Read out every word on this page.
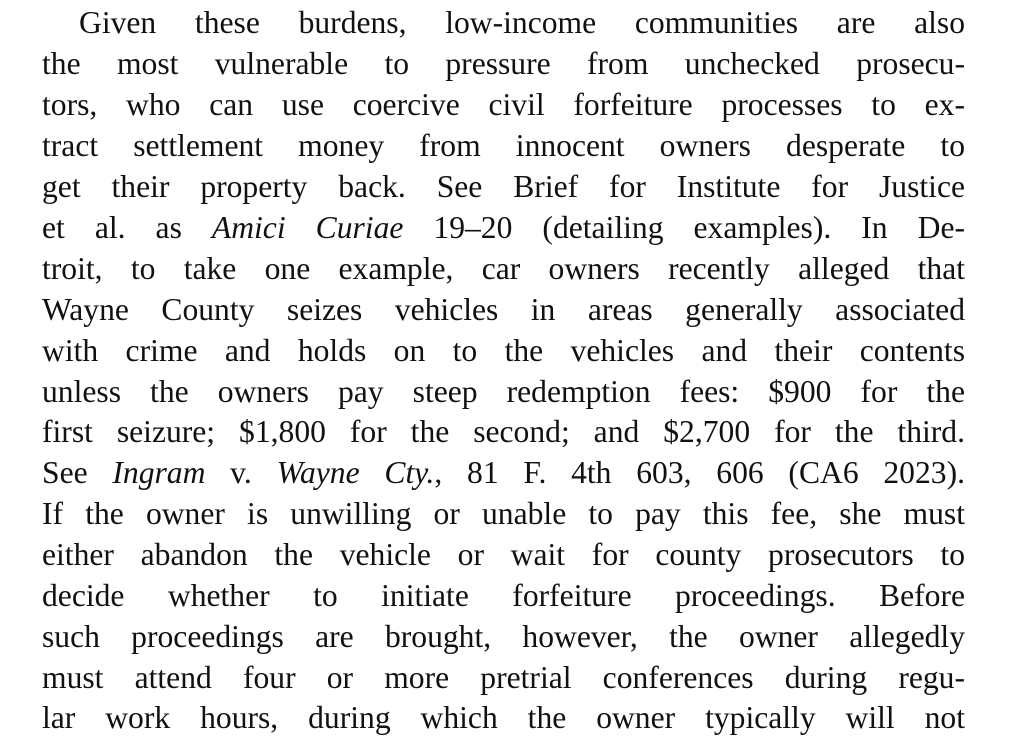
Given these burdens, low-income communities are also
the most vulnerable to pressure from unchecked prosecu-
tors, who can use coercive civil forfeiture processes to ex-
tract settlement money from innocent owners desperate to
get their property back. See Brief for Institute for Justice
et al. as Amici Curiae 19–20 (detailing examples). In De-
troit, to take one example, car owners recently alleged that
Wayne County seizes vehicles in areas generally associated
with crime and holds on to the vehicles and their contents
unless the owners pay steep redemption fees: $900 for the
first seizure; $1,800 for the second; and $2,700 for the third.
See Ingram v. Wayne Cty., 81 F. 4th 603, 606 (CA6 2023).
If the owner is unwilling or unable to pay this fee, she must
either abandon the vehicle or wait for county prosecutors to
decide whether to initiate forfeiture proceedings. Before
such proceedings are brought, however, the owner allegedly
must attend four or more pretrial conferences during regu-
lar work hours, during which the owner typically will not
